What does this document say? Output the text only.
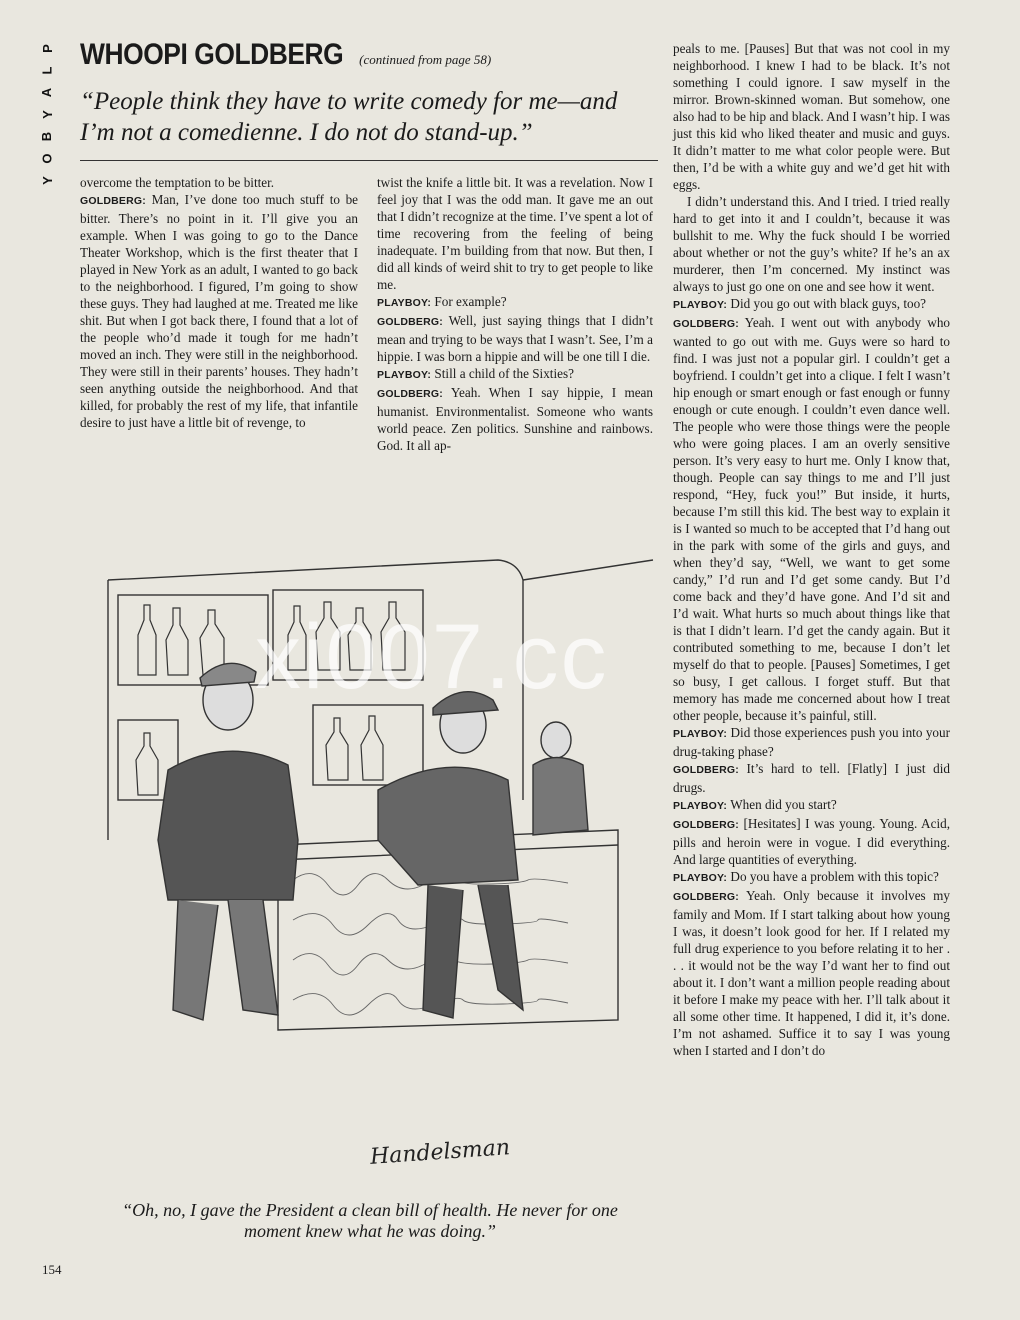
P
L
A
Y
B
O
Y
WHOOPI GOLDBERG (continued from page 58)
“People think they have to write comedy for me—and I’m not a comedienne. I do not do stand-up.”

overcome the temptation to be bitter.

GOLDBERG: Man, I’ve done too much stuff to be bitter. There’s no point in it. I’ll give you an example. When I was going to go to the Dance Theater Workshop, which is the first theater that I played in New York as an adult, I wanted to go back to the neighborhood. I figured, I’m going to show these guys. They had laughed at me. Treated me like shit. But when I got back there, I found that a lot of the people who’d made it tough for me hadn’t moved an inch. They were still in the neighborhood. They were still in their parents’ houses. They hadn’t seen anything outside the neighborhood. And that killed, for probably the rest of my life, that infantile desire to just have a little bit of revenge, to

twist the knife a little bit. It was a revelation. Now I feel joy that I was the odd man. It gave me an out that I didn’t recognize at the time. I’ve spent a lot of time recovering from the feeling of being inadequate. I’m building from that now. But then, I did all kinds of weird shit to try to get people to like me.

PLAYBOY: For example?

GOLDBERG: Well, just saying things that I didn’t mean and trying to be ways that I wasn’t. See, I’m a hippie. I was born a hippie and will be one till I die.

PLAYBOY: Still a child of the Sixties?

GOLDBERG: Yeah. When I say hippie, I mean humanist. Environmentalist. Someone who wants world peace. Zen politics. Sunshine and rainbows. God. It all ap-

peals to me. [Pauses] But that was not cool in my neighborhood. I knew I had to be black. It’s not something I could ignore. I saw myself in the mirror. Brown-skinned woman. But somehow, one also had to be hip and black. And I wasn’t hip. I was just this kid who liked theater and music and guys. It didn’t matter to me what color people were. But then, I’d be with a white guy and we’d get hit with eggs.

I didn’t understand this. And I tried. I tried really hard to get into it and I couldn’t, because it was bullshit to me. Why the fuck should I be worried about whether or not the guy’s white? If he’s an ax murderer, then I’m concerned. My instinct was always to just go one on one and see how it went.

PLAYBOY: Did you go out with black guys, too?

GOLDBERG: Yeah. I went out with anybody who wanted to go out with me. Guys were so hard to find. I was just not a popular girl. I couldn’t get a boyfriend. I couldn’t get into a clique. I felt I wasn’t hip enough or smart enough or fast enough or funny enough or cute enough. I couldn’t even dance well. The people who were those things were the people who were going places. I am an overly sensitive person. It’s very easy to hurt me. Only I know that, though. People can say things to me and I’ll just respond, “Hey, fuck you!” But inside, it hurts, because I’m still this kid. The best way to explain it is I wanted so much to be accepted that I’d hang out in the park with some of the girls and guys, and when they’d say, “Well, we want to get some candy,” I’d run and I’d get some candy. But I’d come back and they’d have gone. And I’d sit and I’d wait. What hurts so much about things like that is that I didn’t learn. I’d get the candy again. But it contributed something to me, because I don’t let myself do that to people. [Pauses] Sometimes, I get so busy, I get callous. I forget stuff. But that memory has made me concerned about how I treat other people, because it’s painful, still.

PLAYBOY: Did those experiences push you into your drug-taking phase?

GOLDBERG: It’s hard to tell. [Flatly] I just did drugs.

PLAYBOY: When did you start?

GOLDBERG: [Hesitates] I was young. Young. Acid, pills and heroin were in vogue. I did everything. And large quantities of everything.

PLAYBOY: Do you have a problem with this topic?

GOLDBERG: Yeah. Only because it involves my family and Mom. If I start talking about how young I was, it doesn’t look good for her. If I related my full drug experience to you before relating it to her . . . it would not be the way I’d want her to find out about it. I don’t want a million people reading about it before I make my peace with her. I’ll talk about it all some other time. It happened, I did it, it’s done. I’m not ashamed. Suffice it to say I was young when I started and I don’t do

Handelsman
“Oh, no, I gave the President a clean bill of health. He never for one moment knew what he was doing.”
xi007.cc
154
